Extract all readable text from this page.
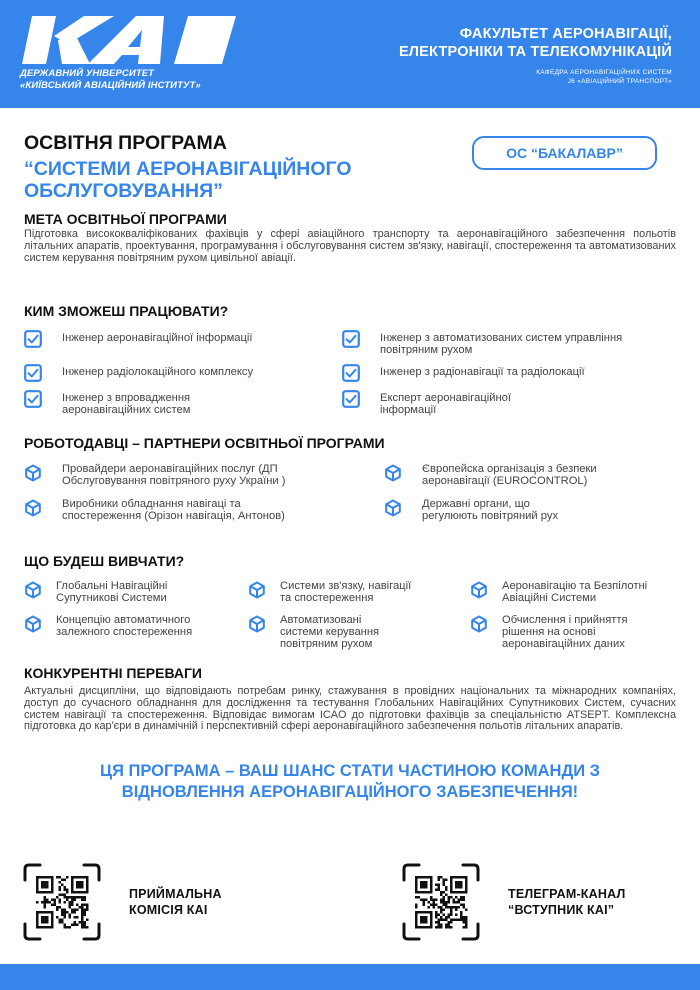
ДЕРЖАВНИЙ УНІВЕРСИТЕТ
«КИЇВСЬКИЙ АВІАЦІЙНИЙ ІНСТИТУТ»
ФАКУЛЬТЕТ АЕРОНАВІГАЦІЇ,
ЕЛЕКТРОНІКИ ТА ТЕЛЕКОМУНІКАЦІЙ
КАФЕДРА АЕРОНАВІГАЦІЙНИХ СИСТЕМ
J6 «АВІАЦІЙНИЙ ТРАНСПОРТ»
ОСВІТНЯ ПРОГРАМА
“СИСТЕМИ АЕРОНАВІГАЦІЙНОГО
ОБСЛУГОВУВАННЯ”
ОС “БАКАЛАВР”
МЕТА ОСВІТНЬОЇ ПРОГРАМИ

Підготовка висококваліфікованих фахівців у сфері авіаційного транспорту та аеронавігаційного забезпечення польотів літальних апаратів, проектування, програмування і обслуговування систем зв'язку, навігації, спостереження та автоматизованих систем керування повітряним рухом цивільної авіації.

КИМ ЗМОЖЕШ ПРАЦЮВАТИ?
Інженер аеронавігаційної інформації	Інженер з автоматизованих систем управління повітряним рухом
Інженер радіолокаційного комплексу	Інженер з радіонавігації та радіолокації
Інженер з впровадження аеронавігаційних систем
Експерт аеронавігаційної інформації
РОБОТОДАВЦІ – ПАРТНЕРИ ОСВІТНЬОЇ ПРОГРАМИ
Провайдери аеронавігаційних послуг (ДП Обслуговування повітряного руху України )
Європейска організація з безпеки аеронавігації (EUROCONTROL)
Виробники обладнання навігаці та спостереження (Орізон навігація, Антонов)
Державні органи, що регулюють повітряний рух
ЩО БУДЕШ ВИВЧАТИ?
Глобальні Навігаційні Супутникові Системи
Системи зв'язку, навігації та спостереження
Аеронавігацію та Безпілотні Авіаційні Системи
Концепцію автоматичного залежного спостереження
Автоматизовані системи керування повітряним рухом
Обчислення і прийняття рішення на основі аеронавігаційних даних
КОНКУРЕНТНІ ПЕРЕВАГИ

Актуальні дисципліни, що відповідають потребам ринку, стажування в провідних національних та міжнародних компаніях, доступ до сучасного обладнання для дослідження та тестування Глобальних Навігаційних Супутникових Систем, сучасних систем навігації та спостереження. Відповідає вимогам ICAO до підготовки фахівців за спеціальністю ATSEPT. Комплексна підготовка до кар'єри в динамічній і перспективній сфері аеронавігаційного забезпечення польотів літальних апаратів.

ЦЯ ПРОГРАМА – ВАШ ШАНС СТАТИ ЧАСТИНОЮ КОМАНДИ З
ВІДНОВЛЕННЯ АЕРОНАВІГАЦІЙНОГО ЗАБЕЗПЕЧЕННЯ!
ПРИЙМАЛЬНА
КОМІСІЯ КАІ
ТЕЛЕГРАМ-КАНАЛ
“ВСТУПНИК КАІ”
